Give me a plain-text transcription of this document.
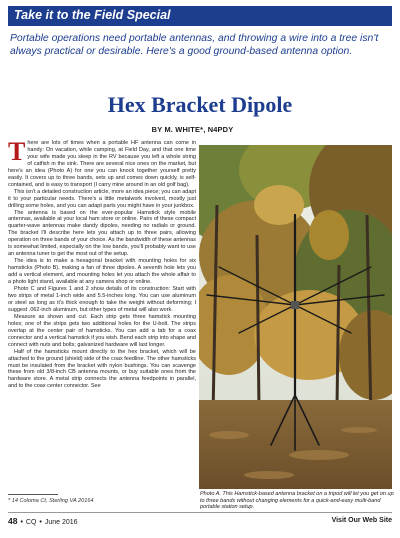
Take it to the Field Special
Portable operations need portable antennas, and throwing a wire into a tree isn't always practical or desirable. Here's a good ground-based antenna option.
Hex Bracket Dipole
BY M. WHITE*, N4PDY

There are lots of times when a portable HF antenna can come in handy: On vacation, while camping, at Field Day, and that one time your wife made you sleep in the RV because you left a whole string of catfish in the sink. There are several nice ones on the market, but here's an idea (Photo A) for one you can knock together yourself pretty easily. It covers up to three bands, sets up and comes down quickly, is self-contained, and is easy to transport (I carry mine around in an old golf bag).

This isn't a detailed construction article, more an idea piece; you can adapt it to your particular needs. There's a little metalwork involved, mostly just drilling some holes, and you can adapt parts you might have in your junkbox.

The antenna is based on the ever-popular Hamstick style mobile antennas, available at your local ham store or online. Pairs of these compact quarter-wave antennas make dandy dipoles, needing no radials or ground. The bracket I'll describe here lets you attach up to three pairs, allowing operation on three bands of your choice. As the bandwidth of these antennas is somewhat limited, especially on the low bands, you'll probably want to use an antenna tuner to get the most out of the setup.

The idea is to make a hexagonal bracket with mounting holes for six hamsticks (Photo B), making a fan of three dipoles. A seventh hole lets you add a vertical element, and mounting holes let you attach the whole affair to a photo light stand, available at any camera shop or online.

Photo C and Figures 1 and 2 show details of its construction: Start with two strips of metal 1-inch wide and 5.5-inches long. You can use aluminum or steel as long as it's thick enough to take the weight without deforming; I suggest .062-inch aluminum, but other types of metal will also work.

Measure as shown and cut. Each strip gets three hamstick mounting holes; one of the strips gets two additional holes for the U-bolt. The strips overlap at the center pair of hamsticks. You can add a tab for a coax connector and a vertical hamstick if you wish. Bend each strip into shape and connect with nuts and bolts; galvanized hardware will last longer.

Half of the hamsticks mount directly to the hex bracket, which will be attached to the ground (shield) side of the coax feedline. The other hamsticks must be insulated from the bracket with nylon bushings. You can scavenge these from old 3/8-inch CB antenna mounts, or buy suitable ones from the hardware store. A metal strip connects the antenna feedpoints in parallel, and to the coax center connector. See

* 14 Coloma Ct, Sterling VA 20164
Photo A. This Hamstick-based antenna bracket on a tripod will let you get on up to three bands without changing elements for a quick-and-easy multi-band portable station setup.
48 • CQ • June 2016	Visit Our Web Site
